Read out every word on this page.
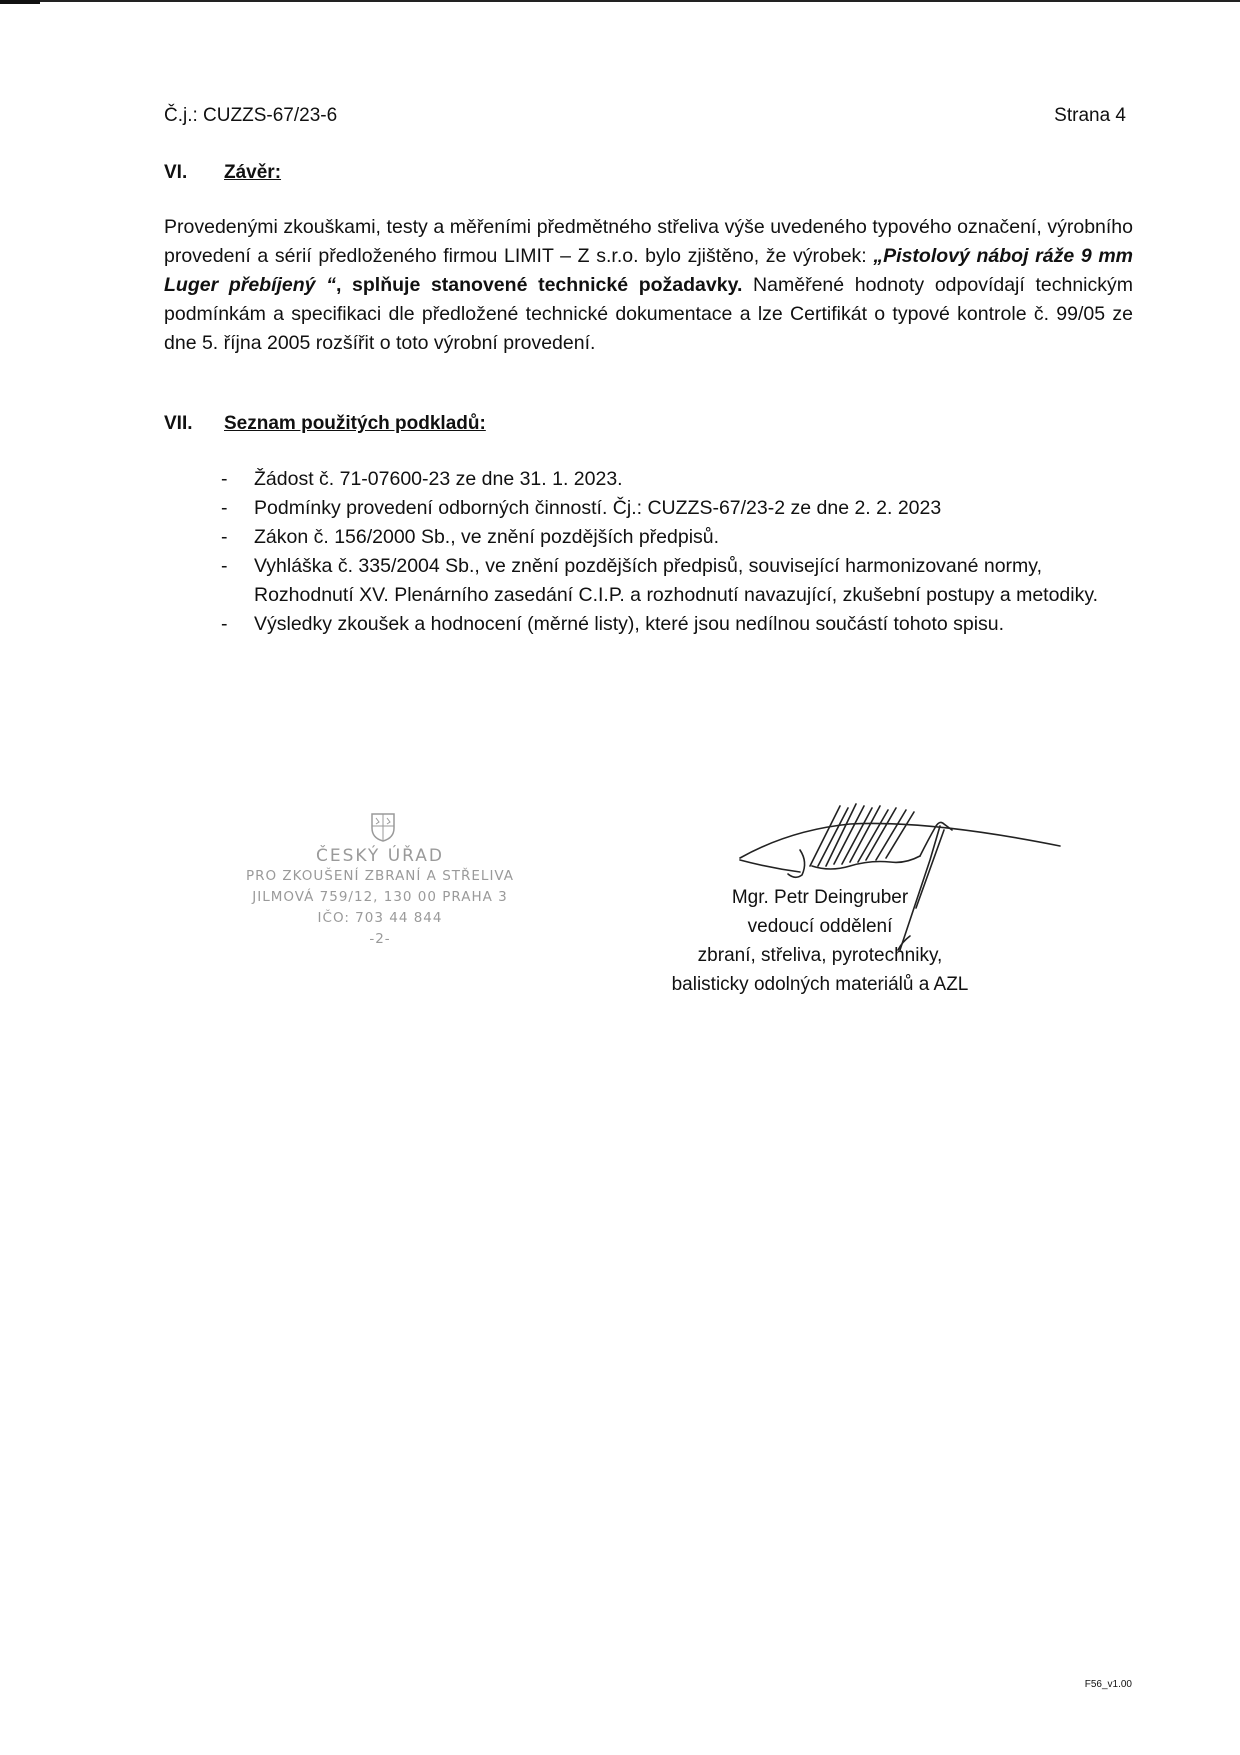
Č.j.: CUZZS-67/23-6	Strana 4
VI. Závěr:

Provedenými zkouškami, testy a měřeními předmětného střeliva výše uvedeného typového označení, výrobního provedení a sérií předloženého firmou LIMIT – Z s.r.o. bylo zjištěno, že výrobek: „Pistolový náboj ráže 9 mm Luger přebíjený “, splňuje stanovené technické požadavky. Naměřené hodnoty odpovídají technickým podmínkám a specifikaci dle předložené technické dokumentace a lze Certifikát o typové kontrole č. 99/05 ze dne 5. října 2005 rozšířit o toto výrobní provedení.

VII. Seznam použitých podkladů:
- Žádost č. 71-07600-23 ze dne 31. 1. 2023.
- Podmínky provedení odborných činností. Čj.: CUZZS-67/23-2 ze dne 2. 2. 2023
- Zákon č. 156/2000 Sb., ve znění pozdějších předpisů.
- Vyhláška č. 335/2004 Sb., ve znění pozdějších předpisů, související harmonizované normy, Rozhodnutí XV. Plenárního zasedání C.I.P. a rozhodnutí navazující, zkušební postupy a metodiky.
- Výsledky zkoušek a hodnocení (měrné listy), které jsou nedílnou součástí tohoto spisu.
ČESKÝ ÚŘAD
PRO ZKOUŠENÍ ZBRANÍ A STŘELIVA
JILMOVÁ 759/12, 130 00 PRAHA 3
IČO: 703 44 844
-2-
Mgr. Petr Deingruber
vedoucí oddělení
zbraní, střeliva, pyrotechniky,
balisticky odolných materiálů a AZL
F56_v1.00
